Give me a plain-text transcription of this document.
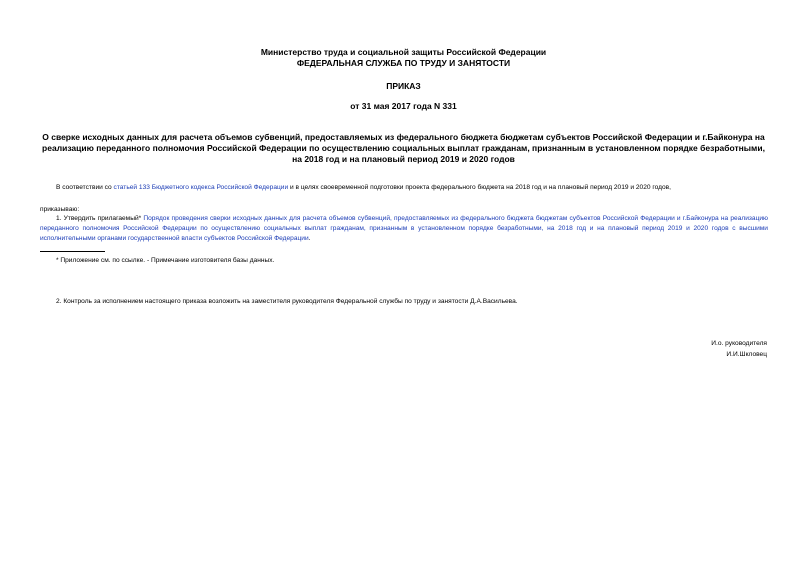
Министерство труда и социальной защиты Российской Федерации
ФЕДЕРАЛЬНАЯ СЛУЖБА ПО ТРУДУ И ЗАНЯТОСТИ
ПРИКАЗ
от 31 мая 2017 года N 331
О сверке исходных данных для расчета объемов субвенций, предоставляемых из федерального бюджета бюджетам субъектов Российской Федерации и г.Байконура на реализацию переданного полномочия Российской Федерации по осуществлению социальных выплат гражданам, признанным в установленном порядке безработными, на 2018 год и на плановый период 2019 и 2020 годов
В соответствии со статьей 133 Бюджетного кодекса Российской Федерации и в целях своевременной подготовки проекта федерального бюджета на 2018 год и на плановый период 2019 и 2020 годов,
приказываю:
1. Утвердить прилагаемый* Порядок проведения сверки исходных данных для расчета объемов субвенций, предоставляемых из федерального бюджета бюджетам субъектов Российской Федерации и г.Байконура на реализацию переданного полномочия Российской Федерации по осуществлению социальных выплат гражданам, признанным в установленном порядке безработными, на 2018 год и на плановый период 2019 и 2020 годов с высшими исполнительными органами государственной власти субъектов Российской Федерации.
* Приложение см. по ссылке. - Примечание изготовителя базы данных.
2. Контроль за исполнением настоящего приказа возложить на заместителя руководителя Федеральной службы по труду и занятости Д.А.Васильева.
И.о. руководителя
И.И.Шкловец
